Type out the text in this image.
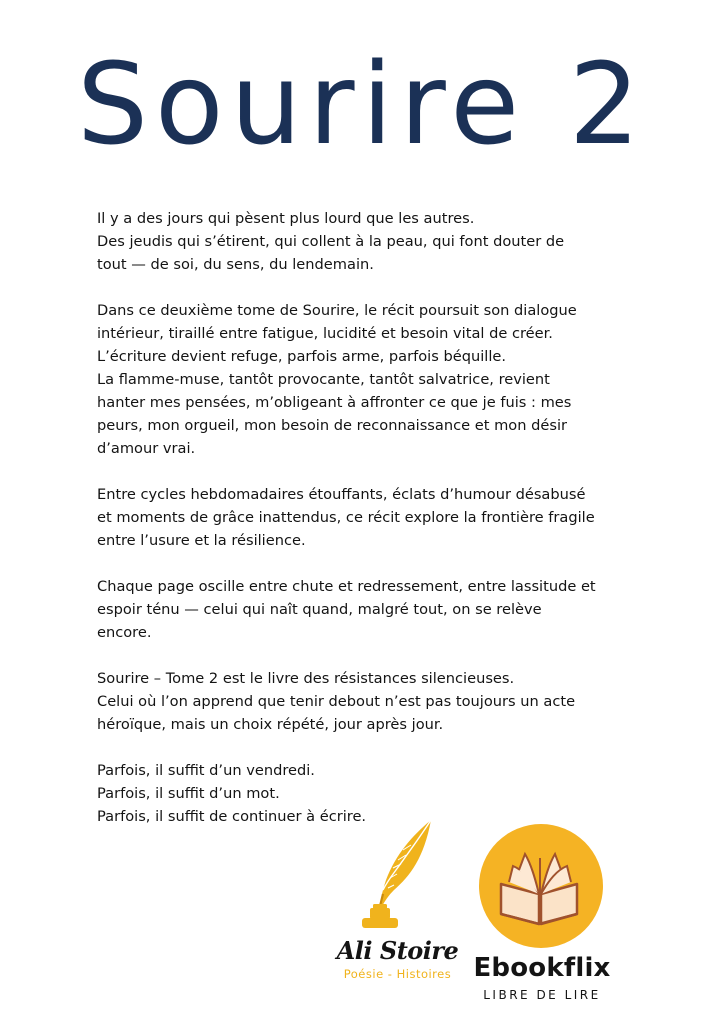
Sourire 2
Il y a des jours qui pèsent plus lourd que les autres.
Des jeudis qui s’étirent, qui collent à la peau, qui font douter de
tout — de soi, du sens, du lendemain.
Dans ce deuxième tome de Sourire, le récit poursuit son dialogue
intérieur, tiraillé entre fatigue, lucidité et besoin vital de créer.
L’écriture devient refuge, parfois arme, parfois béquille.
La flamme-muse, tantôt provocante, tantôt salvatrice, revient
hanter mes pensées, m’obligeant à affronter ce que je fuis : mes
peurs, mon orgueil, mon besoin de reconnaissance et mon désir
d’amour vrai.
Entre cycles hebdomadaires étouffants, éclats d’humour désabusé
et moments de grâce inattendus, ce récit explore la frontière fragile
entre l’usure et la résilience.
Chaque page oscille entre chute et redressement, entre lassitude et
espoir ténu — celui qui naît quand, malgré tout, on se relève
encore.
Sourire – Tome 2 est le livre des résistances silencieuses.
Celui où l’on apprend que tenir debout n’est pas toujours un acte
héroïque, mais un choix répété, jour après jour.
Parfois, il suffit d’un vendredi.
Parfois, il suffit d’un mot.
Parfois, il suffit de continuer à écrire.
Ali Stoire
Poésie - Histoires Ebookflix
LIBRE DE LIRE
